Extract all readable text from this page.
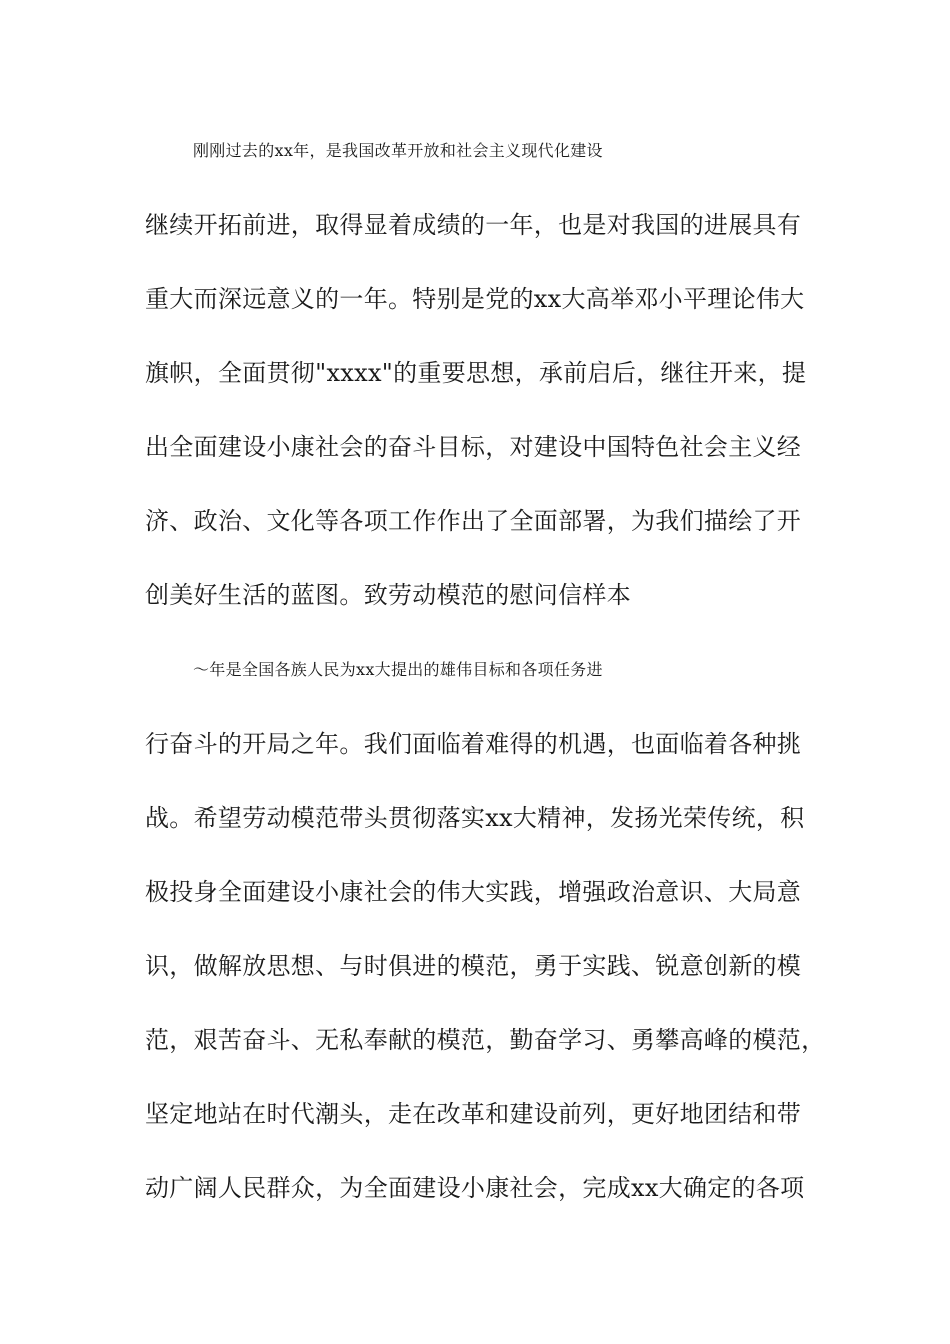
刚刚过去的xx年，是我国改革开放和社会主义现代化建设
继续开拓前进，取得显着成绩的一年，也是对我国的进展具有
重大而深远意义的一年。特别是党的xx大高举邓小平理论伟大
旗帜，全面贯彻"xxxx"的重要思想，承前启后，继往开来，提
出全面建设小康社会的奋斗目标，对建设中国特色社会主义经
济、政治、文化等各项工作作出了全面部署，为我们描绘了开
创美好生活的蓝图。致劳动模范的慰问信样本
～年是全国各族人民为xx大提出的雄伟目标和各项任务进
行奋斗的开局之年。我们面临着难得的机遇，也面临着各种挑
战。希望劳动模范带头贯彻落实xx大精神，发扬光荣传统，积
极投身全面建设小康社会的伟大实践，增强政治意识、大局意
识，做解放思想、与时俱进的模范，勇于实践、锐意创新的模
范，艰苦奋斗、无私奉献的模范，勤奋学习、勇攀高峰的模范，
坚定地站在时代潮头，走在改革和建设前列，更好地团结和带
动广阔人民群众，为全面建设小康社会，完成xx大确定的各项
